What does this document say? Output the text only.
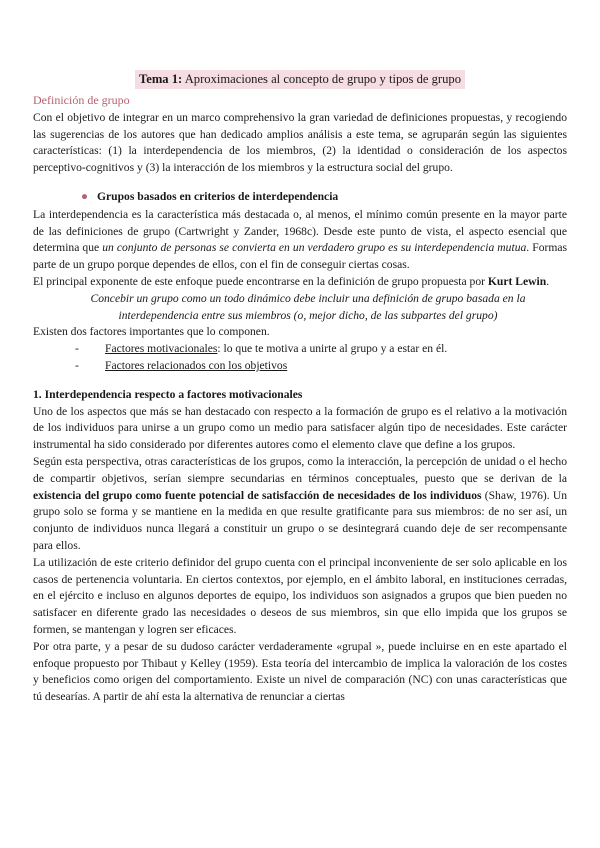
Tema 1: Aproximaciones al concepto de grupo y tipos de grupo
Definición de grupo

Con el objetivo de integrar en un marco comprehensivo la gran variedad de definiciones propuestas, y recogiendo las sugerencias de los autores que han dedicado amplios análisis a este tema, se agruparán según las siguientes características: (1) la interdependencia de los miembros, (2) la identidad o consideración de los aspectos perceptivo-cognitivos y (3) la interacción de los miembros y la estructura social del grupo.

● Grupos basados en criterios de interdependencia

La interdependencia es la característica más destacada o, al menos, el mínimo común presente en la mayor parte de las definiciones de grupo (Cartwright y Zander, 1968c). Desde este punto de vista, el aspecto esencial que determina que un conjunto de personas se convierta en un verdadero grupo es su interdependencia mutua. Formas parte de un grupo porque dependes de ellos, con el fin de conseguir ciertas cosas.

El principal exponente de este enfoque puede encontrarse en la definición de grupo propuesta por Kurt Lewin.

Concebir un grupo como un todo dinámico debe incluir una definición de grupo basada en la interdependencia entre sus miembros (o, mejor dicho, de las subpartes del grupo)

Existen dos factores importantes que lo componen.

-	Factores motivacionales: lo que te motiva a unirte al grupo y a estar en él.
-	Factores relacionados con los objetivos
1. Interdependencia respecto a factores motivacionales

Uno de los aspectos que más se han destacado con respecto a la formación de grupo es el relativo a la motivación de los individuos para unirse a un grupo como un medio para satisfacer algún tipo de necesidades. Este carácter instrumental ha sido considerado por diferentes autores como el elemento clave que define a los grupos.

Según esta perspectiva, otras características de los grupos, como la interacción, la percepción de unidad o el hecho de compartir objetivos, serían siempre secundarias en términos conceptuales, puesto que se derivan de la existencia del grupo como fuente potencial de satisfacción de necesidades de los individuos (Shaw, 1976). Un grupo solo se forma y se mantiene en la medida en que resulte gratificante para sus miembros: de no ser así, un conjunto de individuos nunca llegará a constituir un grupo o se desintegrará cuando deje de ser recompensante para ellos.

La utilización de este criterio definidor del grupo cuenta con el principal inconveniente de ser solo aplicable en los casos de pertenencia voluntaria. En ciertos contextos, por ejemplo, en el ámbito laboral, en instituciones cerradas, en el ejército e incluso en algunos deportes de equipo, los individuos son asignados a grupos que bien pueden no satisfacer en diferente grado las necesidades o deseos de sus miembros, sin que ello impida que los grupos se formen, se mantengan y logren ser eficaces.

Por otra parte, y a pesar de su dudoso carácter verdaderamente «grupal », puede incluirse en en este apartado el enfoque propuesto por Thibaut y Kelley (1959). Esta teoría del intercambio de implica la valoración de los costes y beneficios como origen del comportamiento. Existe un nivel de comparación (NC) con unas características que tú desearías. A partir de ahí esta la alternativa de renunciar a ciertas
